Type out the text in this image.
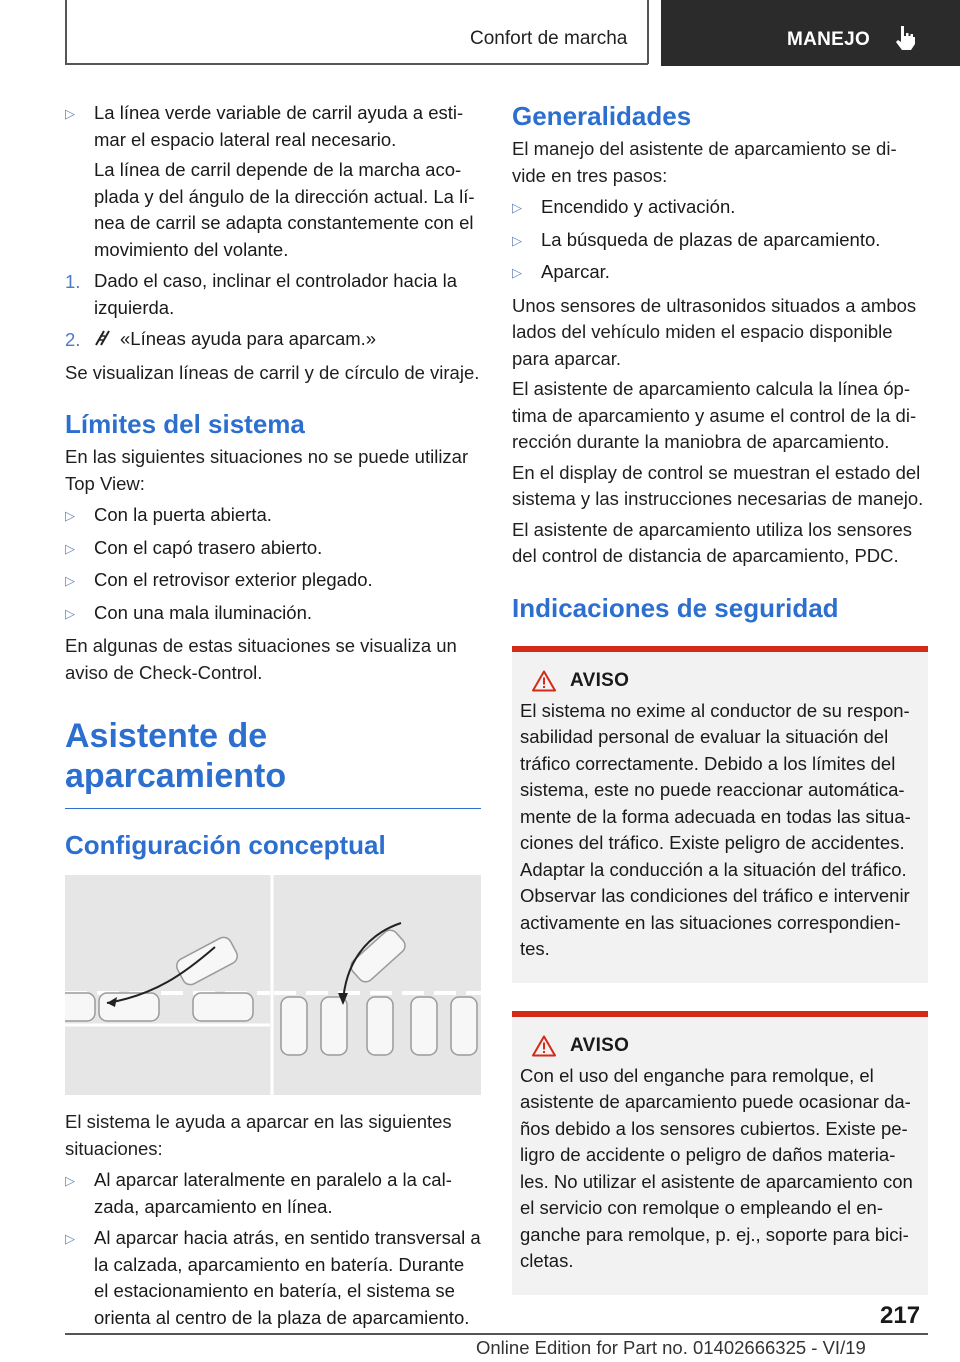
Confort de marcha	MANEJO
▷	La línea verde variable de carril ayuda a esti‐mar el espacio lateral real necesario.
La línea de carril depende de la marcha aco‐plada y del ángulo de la dirección actual. La lí‐nea de carril se adapta constantemente con el movimiento del volante.
1. Dado el caso, inclinar el controlador hacia la izquierda.
2.	«Líneas ayuda para aparcam.»
Se visualizan líneas de carril y de círculo de viraje.
Límites del sistema
En las siguientes situaciones no se puede utilizar Top View:
▷	Con la puerta abierta.
▷	Con el capó trasero abierto.
▷	Con el retrovisor exterior plegado.
▷	Con una mala iluminación.
En algunas de estas situaciones se visualiza un aviso de Check-Control.
Asistente de aparcamiento
Configuración conceptual
El sistema le ayuda a aparcar en las siguientes situaciones:
▷	Al aparcar lateralmente en paralelo a la cal‐zada, aparcamiento en línea.
▷	Al aparcar hacia atrás, en sentido transversal a la calzada, aparcamiento en batería. Durante el estacionamiento en batería, el sistema se orienta al centro de la plaza de aparcamiento.
Generalidades
El manejo del asistente de aparcamiento se di‐vide en tres pasos:
▷	Encendido y activación.
▷	La búsqueda de plazas de aparcamiento.
▷	Aparcar.
Unos sensores de ultrasonidos situados a ambos lados del vehículo miden el espacio disponible para aparcar.
El asistente de aparcamiento calcula la línea óp‐tima de aparcamiento y asume el control de la di‐rección durante la maniobra de aparcamiento.
En el display de control se muestran el estado del sistema y las instrucciones necesarias de manejo.
El asistente de aparcamiento utiliza los sensores del control de distancia de aparcamiento, PDC.
Indicaciones de seguridad
AVISO
El sistema no exime al conductor de su respon‐sabilidad personal de evaluar la situación del tráfico correctamente. Debido a los límites del sistema, este no puede reaccionar automática‐mente de la forma adecuada en todas las situa‐ciones del tráfico. Existe peligro de accidentes. Adaptar la conducción a la situación del tráfico. Observar las condiciones del tráfico e intervenir activamente en las situaciones correspondien‐tes.
AVISO
Con el uso del enganche para remolque, el asistente de aparcamiento puede ocasionar da‐ños debido a los sensores cubiertos. Existe pe‐ligro de accidente o peligro de daños materia‐les. No utilizar el asistente de aparcamiento con el servicio con remolque o empleando el en‐ganche para remolque, p. ej., soporte para bici‐cletas.
217
Online Edition for Part no. 01402666325 - VI/19
